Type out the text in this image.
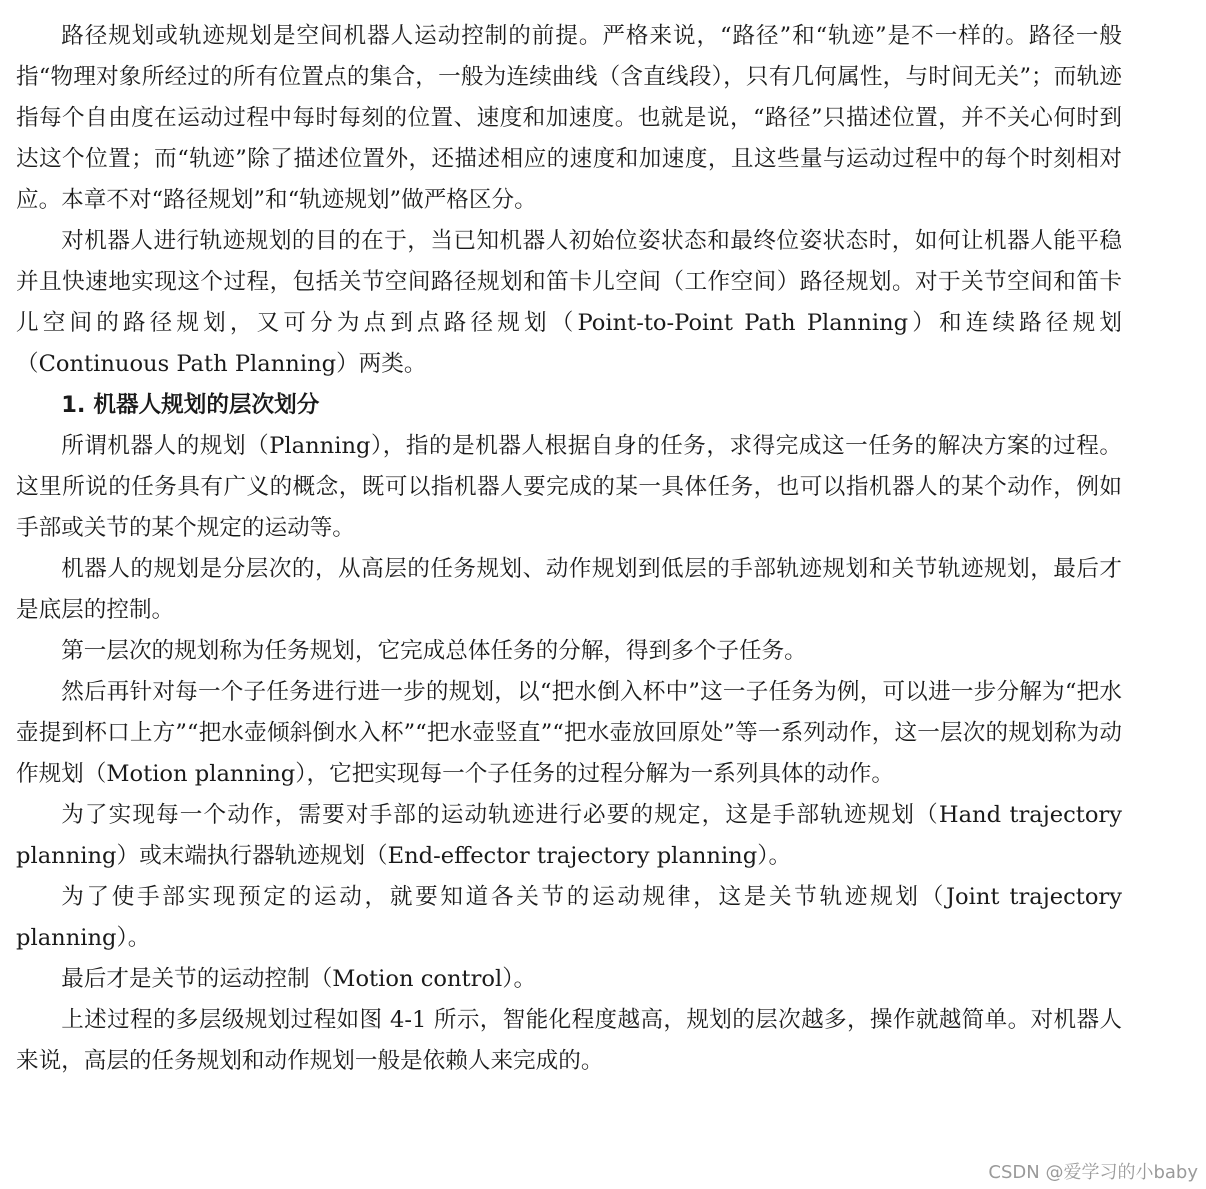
路径规划或轨迹规划是空间机器人运动控制的前提。严格来说，“路径”和“轨迹”是不一样的。路径一般指“物理对象所经过的所有位置点的集合，一般为连续曲线（含直线段），只有几何属性，与时间无关”；而轨迹指每个自由度在运动过程中每时每刻的位置、速度和加速度。也就是说，“路径”只描述位置，并不关心何时到达这个位置；而“轨迹”除了描述位置外，还描述相应的速度和加速度，且这些量与运动过程中的每个时刻相对应。本章不对“路径规划”和“轨迹规划”做严格区分。

对机器人进行轨迹规划的目的在于，当已知机器人初始位姿状态和最终位姿状态时，如何让机器人能平稳并且快速地实现这个过程，包括关节空间路径规划和笛卡儿空间（工作空间）路径规划。对于关节空间和笛卡儿空间的路径规划，又可分为点到点路径规划（Point-to-Point Path Planning）和连续路径规划（Continuous Path Planning）两类。

1. 机器人规划的层次划分

所谓机器人的规划（Planning），指的是机器人根据自身的任务，求得完成这一任务的解决方案的过程。这里所说的任务具有广义的概念，既可以指机器人要完成的某一具体任务，也可以指机器人的某个动作，例如手部或关节的某个规定的运动等。

机器人的规划是分层次的，从高层的任务规划、动作规划到低层的手部轨迹规划和关节轨迹规划，最后才是底层的控制。

第一层次的规划称为任务规划，它完成总体任务的分解，得到多个子任务。

然后再针对每一个子任务进行进一步的规划，以“把水倒入杯中”这一子任务为例，可以进一步分解为“把水壶提到杯口上方”“把水壶倾斜倒水入杯”“把水壶竖直”“把水壶放回原处”等一系列动作，这一层次的规划称为动作规划（Motion planning），它把实现每一个子任务的过程分解为一系列具体的动作。

为了实现每一个动作，需要对手部的运动轨迹进行必要的规定，这是手部轨迹规划（Hand trajectory planning）或末端执行器轨迹规划（End-effector trajectory planning）。

为了使手部实现预定的运动，就要知道各关节的运动规律，这是关节轨迹规划（Joint trajectory planning）。

最后才是关节的运动控制（Motion control）。

上述过程的多层级规划过程如图 4-1 所示，智能化程度越高，规划的层次越多，操作就越简单。对机器人来说，高层的任务规划和动作规划一般是依赖人来完成的。

CSDN @爱学习的小baby
